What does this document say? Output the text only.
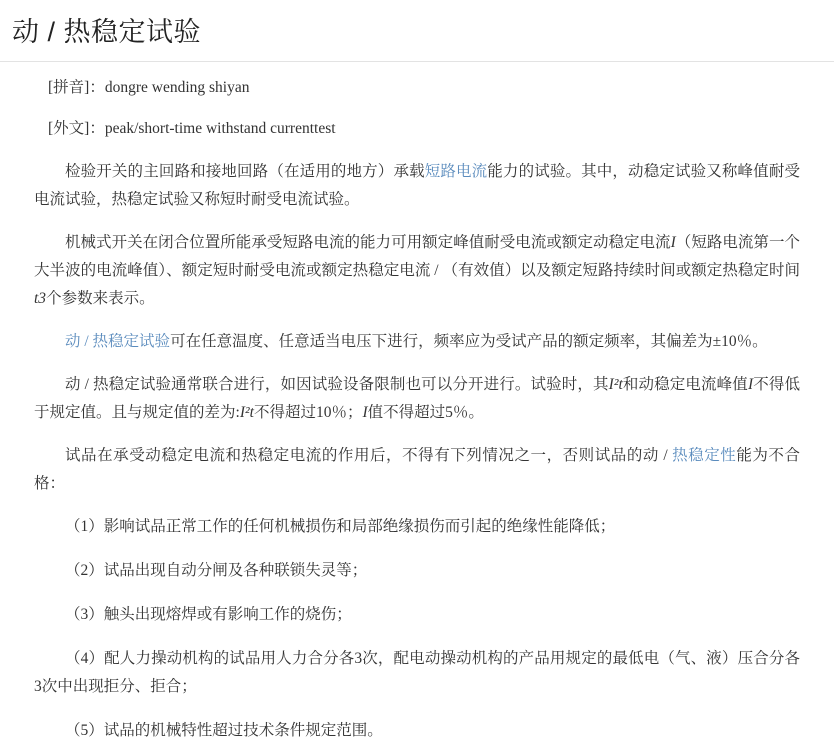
动 / 热稳定试验
[拼音]：dongre wending shiyan
[外文]：peak/short-time withstand currenttest

检验开关的主回路和接地回路（在适用的地方）承载短路电流能力的试验。其中，动稳定试验又称峰值耐受电流试验，热稳定试验又称短时耐受电流试验。

机械式开关在闭合位置所能承受短路电流的能力可用额定峰值耐受电流或额定动稳定电流I（短路电流第一个大半波的电流峰值）、额定短时耐受电流或额定热稳定电流 / （有效值）以及额定短路持续时间或额定热稳定时间t3个参数来表示。

动 / 热稳定试验可在任意温度、任意适当电压下进行，频率应为受试产品的额定频率，其偏差为±10％。

动 / 热稳定试验通常联合进行，如因试验设备限制也可以分开进行。试验时，其I²t和动稳定电流峰值I不得低于规定值。且与规定值的差为:I²t不得超过10％；I值不得超过5％。

试品在承受动稳定电流和热稳定电流的作用后，不得有下列情况之一，否则试品的动 / 热稳定性能为不合格：

（1）影响试品正常工作的任何机械损伤和局部绝缘损伤而引起的绝缘性能降低；

（2）试品出现自动分闸及各种联锁失灵等；

（3）触头出现熔焊或有影响工作的烧伤；

（4）配人力操动机构的试品用人力合分各3次，配电动操动机构的产品用规定的最低电（气、液）压合分各 3次中出现拒分、拒合；

（5）试品的机械特性超过技术条件规定范围。
